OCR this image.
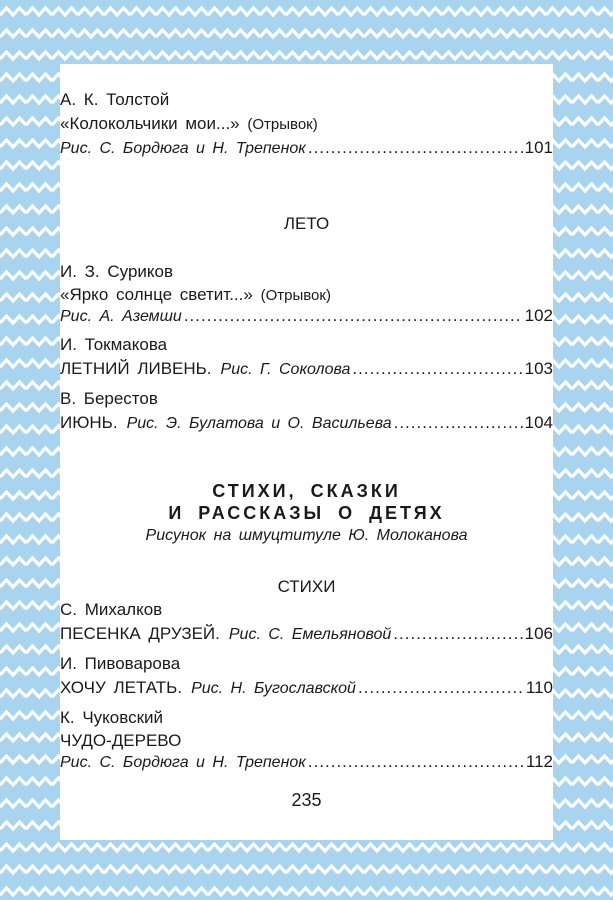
А. К. Толстой
«Колокольчики мои...» (Отрывок)
Рис. С. Бордюга и Н. Трепенок .....	101
ЛЕТО
И. З. Суриков
«Ярко солнце светит...» (Отрывок)
Рис. А. Аземши .....	102
И. Токмакова
ЛЕТНИЙ ЛИВЕНЬ. Рис. Г. Соколова .....	103
В. Берестов
ИЮНЬ. Рис. Э. Булатова и О. Васильева .....	104
СТИХИ, СКАЗКИ
И РАССКАЗЫ О ДЕТЯХ
Рисунок на шмуцтитуле Ю. Молоканова
СТИХИ
С. Михалков
ПЕСЕНКА ДРУЗЕЙ. Рис. С. Емельяновой .....	106
И. Пивоварова
ХОЧУ ЛЕТАТЬ. Рис. Н. Бугославской .....	110
К. Чуковский
ЧУДО-ДЕРЕВО
Рис. С. Бордюга и Н. Трепенок .....	112
235
